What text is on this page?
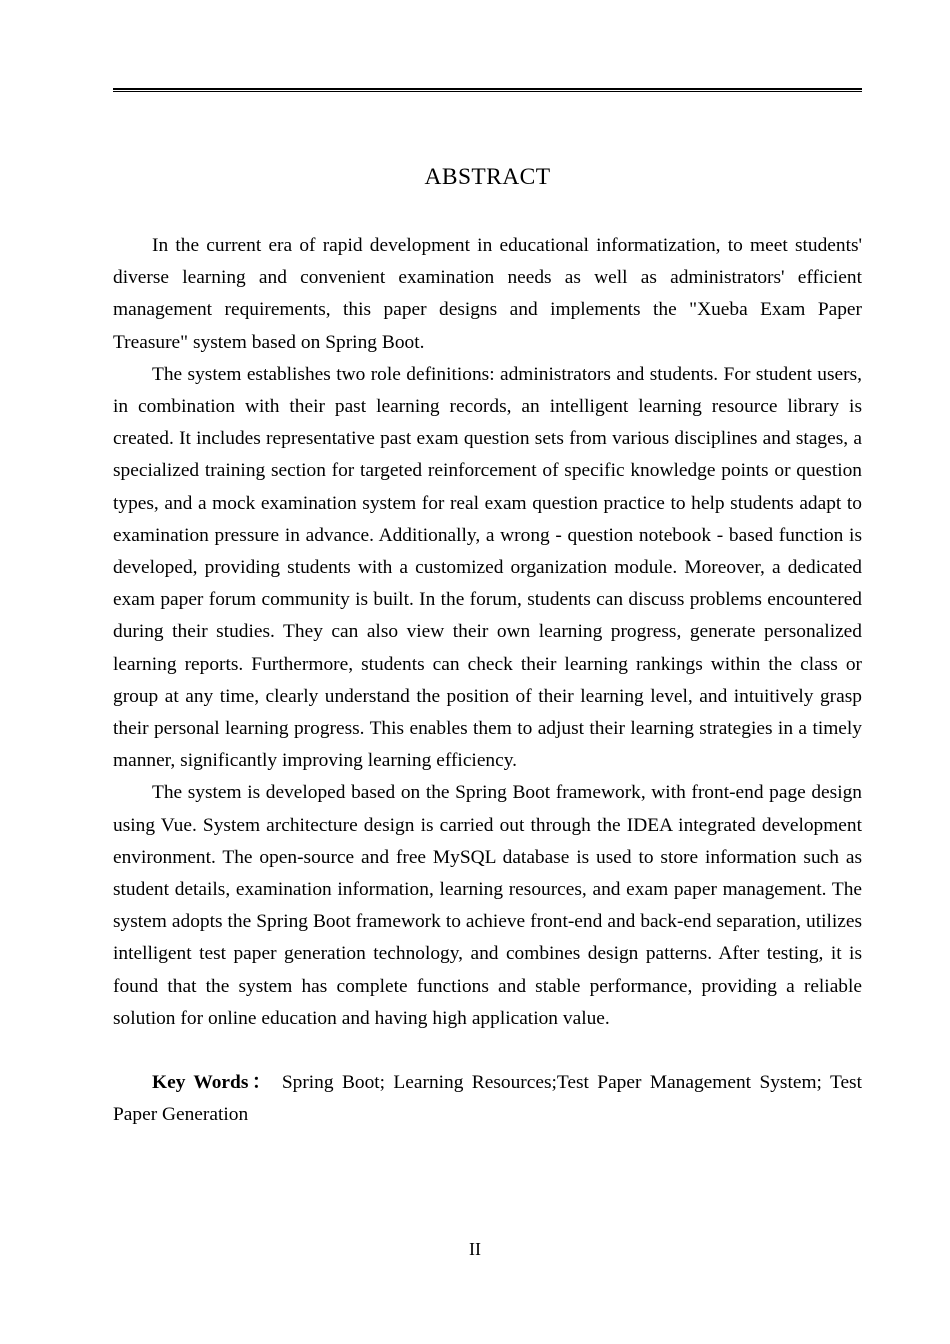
ABSTRACT

In the current era of rapid development in educational informatization, to meet students' diverse learning and convenient examination needs as well as administrators' efficient management requirements, this paper designs and implements the "Xueba Exam Paper Treasure" system based on Spring Boot.

The system establishes two role definitions: administrators and students. For student users, in combination with their past learning records, an intelligent learning resource library is created. It includes representative past exam question sets from various disciplines and stages, a specialized training section for targeted reinforcement of specific knowledge points or question types, and a mock examination system for real exam question practice to help students adapt to examination pressure in advance. Additionally, a wrong - question notebook - based function is developed, providing students with a customized organization module. Moreover, a dedicated exam paper forum community is built. In the forum, students can discuss problems encountered during their studies. They can also view their own learning progress, generate personalized learning reports. Furthermore, students can check their learning rankings within the class or group at any time, clearly understand the position of their learning level, and intuitively grasp their personal learning progress. This enables them to adjust their learning strategies in a timely manner, significantly improving learning efficiency.

The system is developed based on the Spring Boot framework, with front-end page design using Vue. System architecture design is carried out through the IDEA integrated development environment. The open-source and free MySQL database is used to store information such as student details, examination information, learning resources, and exam paper management. The system adopts the Spring Boot framework to achieve front-end and back-end separation, utilizes intelligent test paper generation technology, and combines design patterns. After testing, it is found that the system has complete functions and stable performance, providing a reliable solution for online education and having high application value.

Key Words： Spring Boot; Learning Resources;Test Paper Management System; Test Paper Generation

II
